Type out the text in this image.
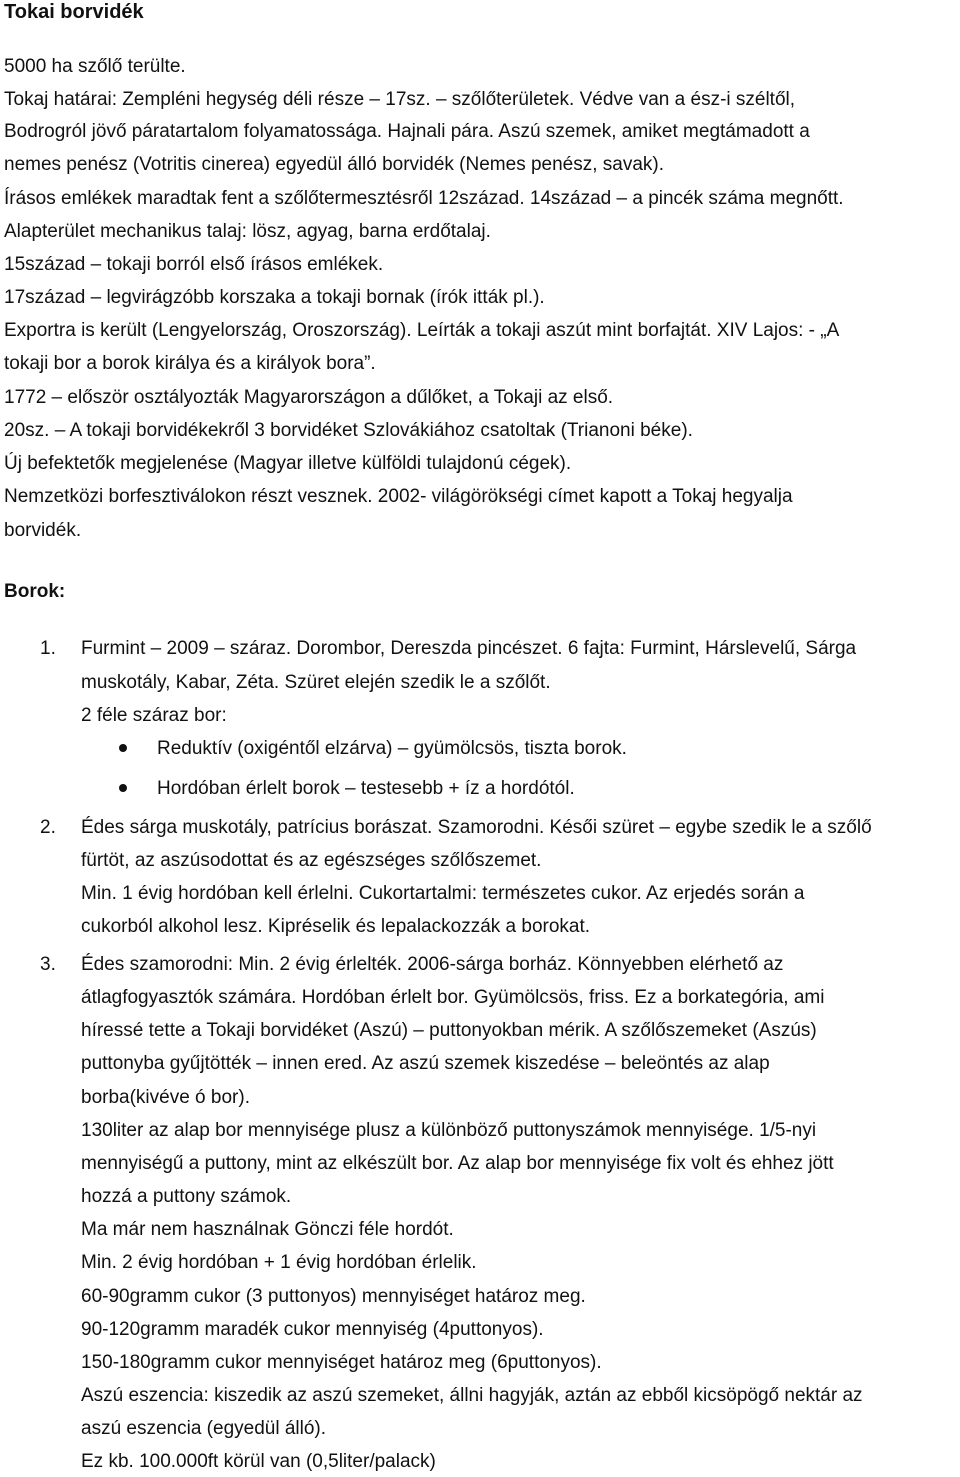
Tokai borvidék
5000 ha szőlő terülte.
Tokaj határai: Zempléni hegység déli része – 17sz. – szőlőterületek. Védve van a ész-i széltől,
Bodrogról jövő páratartalom folyamatossága. Hajnali pára. Aszú szemek, amiket megtámadott a
nemes penész (Votritis cinerea) egyedül álló borvidék (Nemes penész, savak).
Írásos emlékek maradtak fent a szőlőtermesztésről 12század. 14század – a pincék száma megnőtt.
Alapterület mechanikus talaj: lösz, agyag, barna erdőtalaj.
15század – tokaji borról első írásos emlékek.
17század – legvirágzóbb korszaka a tokaji bornak (írók itták pl.).
Exportra is került (Lengyelország, Oroszország). Leírták a tokaji aszút mint borfajtát. XIV Lajos: - „A
tokaji bor a borok királya és a királyok bora”.
1772 – először osztályozták Magyarországon a dűlőket, a Tokaji az első.
20sz. – A tokaji borvidékekről 3 borvidéket Szlovákiához csatoltak (Trianoni béke).
Új befektetők megjelenése (Magyar illetve külföldi tulajdonú cégek).
Nemzetközi borfesztiválokon részt vesznek. 2002- világörökségi címet kapott a Tokaj hegyalja
borvidék.
Borok:
1. Furmint – 2009 – száraz. Dorombor, Dereszda pincészet. 6 fajta: Furmint, Hárslevelű, Sárga
muskotály, Kabar, Zéta. Szüret elején szedik le a szőlőt.
2 féle száraz bor:
Reduktív (oxigéntől elzárva) – gyümölcsös, tiszta borok.
Hordóban érlelt borok – testesebb + íz a hordótól.
2. Édes sárga muskotály, patrícius borászat. Szamorodni. Késői szüret – egybe szedik le a szőlő
fürtöt, az aszúsodottat és az egészséges szőlőszemet.
Min. 1 évig hordóban kell érlelni. Cukortartalmi: természetes cukor. Az erjedés során a
cukorból alkohol lesz. Kipréselik és lepalackozzák a borokat.
3. Édes szamorodni: Min. 2 évig érlelték. 2006-sárga borház. Könnyebben elérhető az
átlagfogyasztók számára. Hordóban érlelt bor. Gyümölcsös, friss. Ez a borkategória, ami
híressé tette a Tokaji borvidéket (Aszú) – puttonyokban mérik. A szőlőszemeket (Aszús)
puttonyba gyűjtötték – innen ered. Az aszú szemek kiszedése – beleöntés az alap
borba(kivéve ó bor).
130liter az alap bor mennyisége plusz a különböző puttonyszámok mennyisége. 1/5-nyi
mennyiségű a puttony, mint az elkészült bor. Az alap bor mennyisége fix volt és ehhez jött
hozzá a puttony számok.
Ma már nem használnak Gönczi féle hordót.
Min. 2 évig hordóban + 1 évig hordóban érlelik.
60-90gramm cukor (3 puttonyos) mennyiséget határoz meg.
90-120gramm maradék cukor mennyiség (4puttonyos).
150-180gramm cukor mennyiséget határoz meg (6puttonyos).
Aszú eszencia: kiszedik az aszú szemeket, állni hagyják, aztán az ebből kicsöpögő nektár az
aszú eszencia (egyedül álló).
Ez kb. 100.000ft körül van (0,5liter/palack)
